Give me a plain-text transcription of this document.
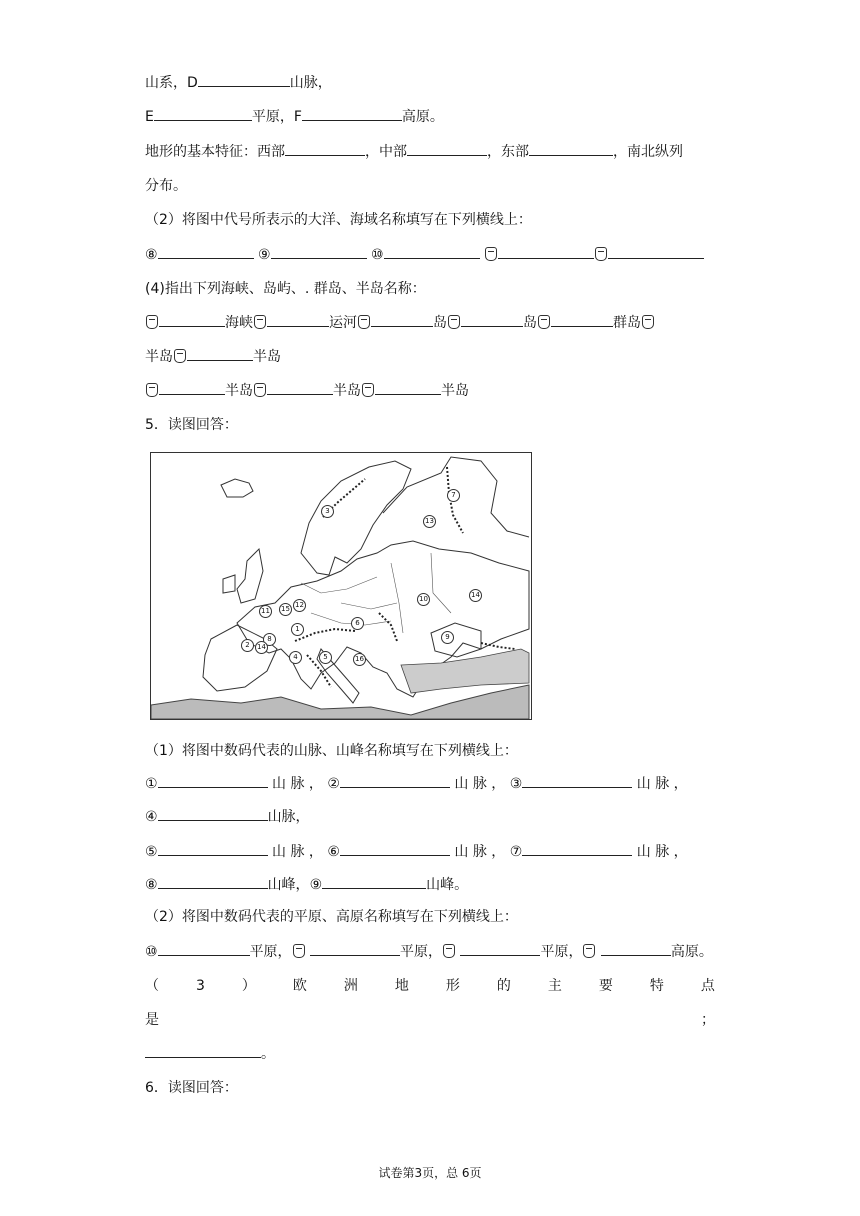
山系，D	山脉，
E	平原，F	高原。
地形的基本特征：西部	，中部	，东部	，南北纵列
分布。
（2）将图中代号所表示的大洋、海域名称填写在下列横线上：
⑧	⑨	⑩
(4)指出下列海峡、岛屿、. 群岛、半岛名称：
海峡	运河	岛	岛	群岛
半岛	半岛
半岛	半岛	半岛
5．读图回答：
3
7
13
11 15 12
1
8
2	14
4	5
6
16
10	14
9
（1）将图中数码代表的山脉、山峰名称填写在下列横线上：
①	山 脉 ， ②	山 脉 ， ③	山 脉 ，
④	山脉，
⑤	山 脉 ， ⑥	山 脉 ， ⑦	山 脉 ，
⑧	山峰，⑨	山峰。
（2）将图中数码代表的平原、高原名称填写在下列横线上：
⑩	平原，	平原，	平原，	高原。
（	3	）	欧	洲	地	形	的	主	要	特	点
是	；
。
6．读图回答：
试卷第3页，总 6页
